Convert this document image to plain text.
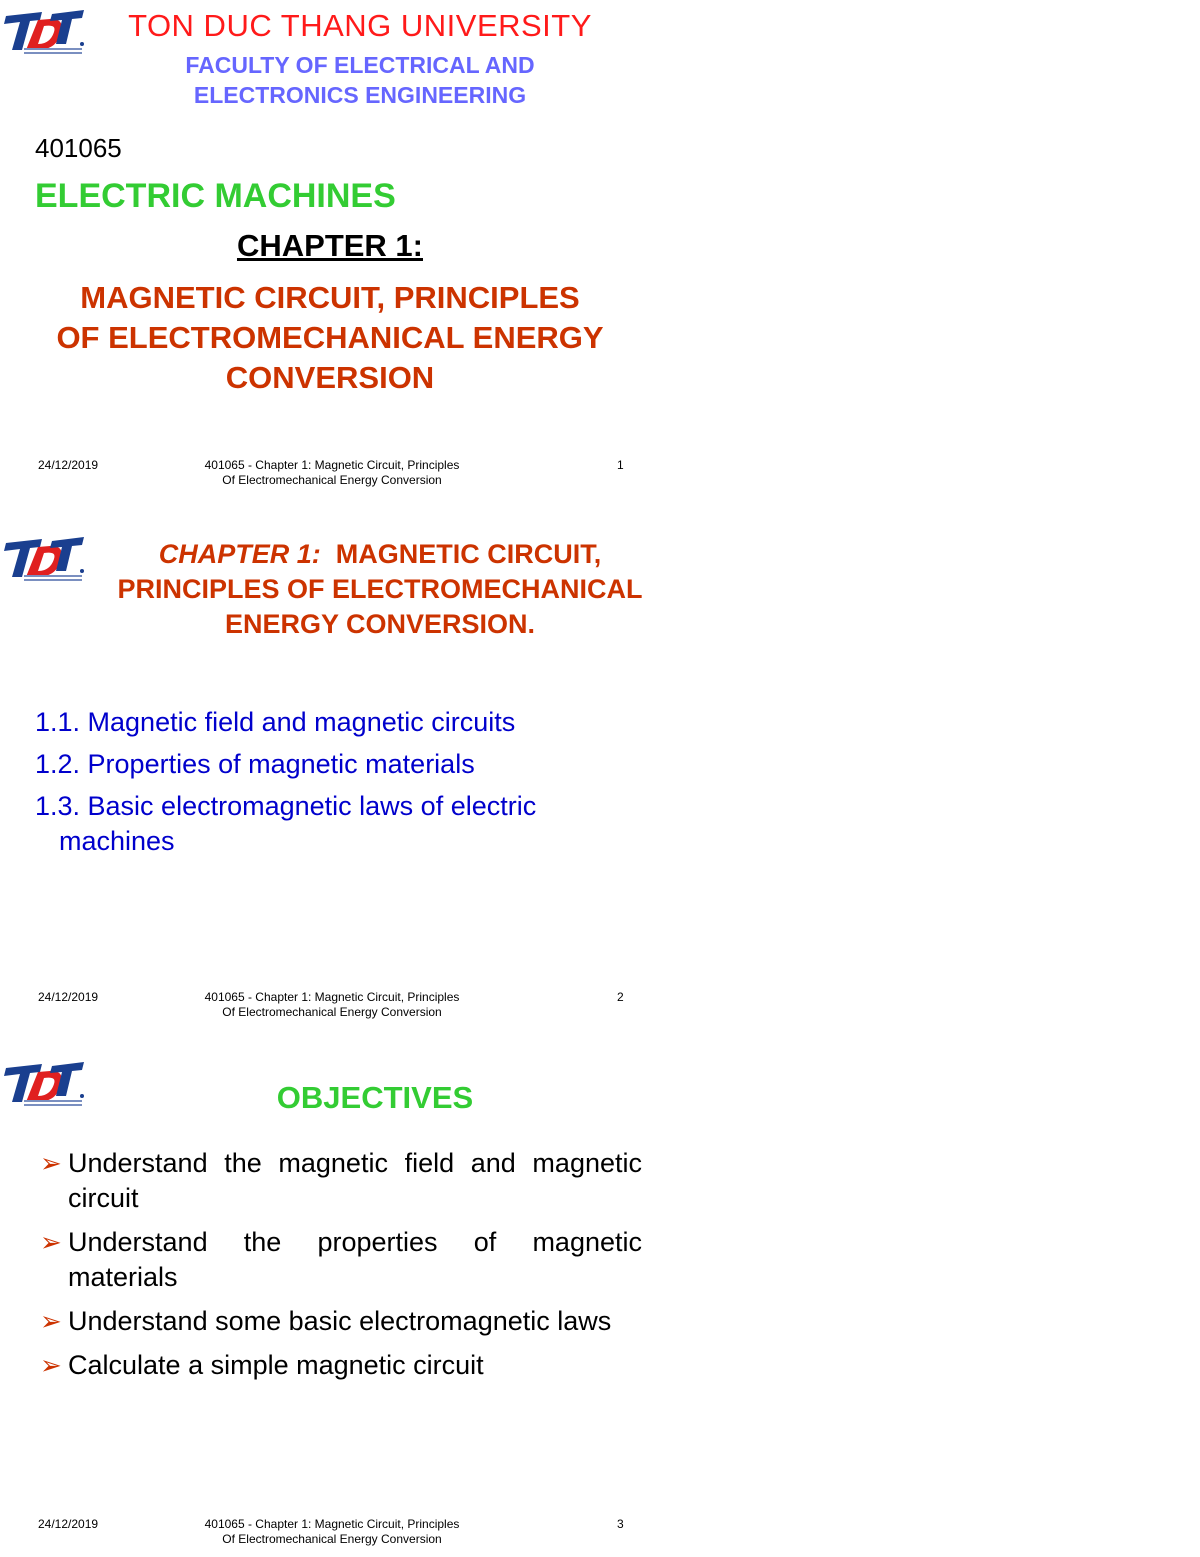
TON DUC THANG UNIVERSITY
FACULTY OF ELECTRICAL AND
ELECTRONICS ENGINEERING
401065
ELECTRIC MACHINES
CHAPTER 1:
MAGNETIC CIRCUIT, PRINCIPLES
OF ELECTROMECHANICAL ENERGY
CONVERSION
24/12/2019	401065 - Chapter 1: Magnetic Circuit, Principles
Of Electromechanical Energy Conversion
1
CHAPTER 1: MAGNETIC CIRCUIT,
PRINCIPLES OF ELECTROMECHANICAL
ENERGY CONVERSION.
1.1. Magnetic field and magnetic circuits
1.2. Properties of magnetic materials
1.3. Basic electromagnetic laws of electric machines
24/12/2019	401065 - Chapter 1: Magnetic Circuit, Principles
Of Electromechanical Energy Conversion
2
OBJECTIVES
➢ Understand the magnetic field and magnetic circuit
➢ Understand the properties of magnetic materials
➢ Understand some basic electromagnetic laws
➢ Calculate a simple magnetic circuit
24/12/2019	401065 - Chapter 1: Magnetic Circuit, Principles
Of Electromechanical Energy Conversion
3
